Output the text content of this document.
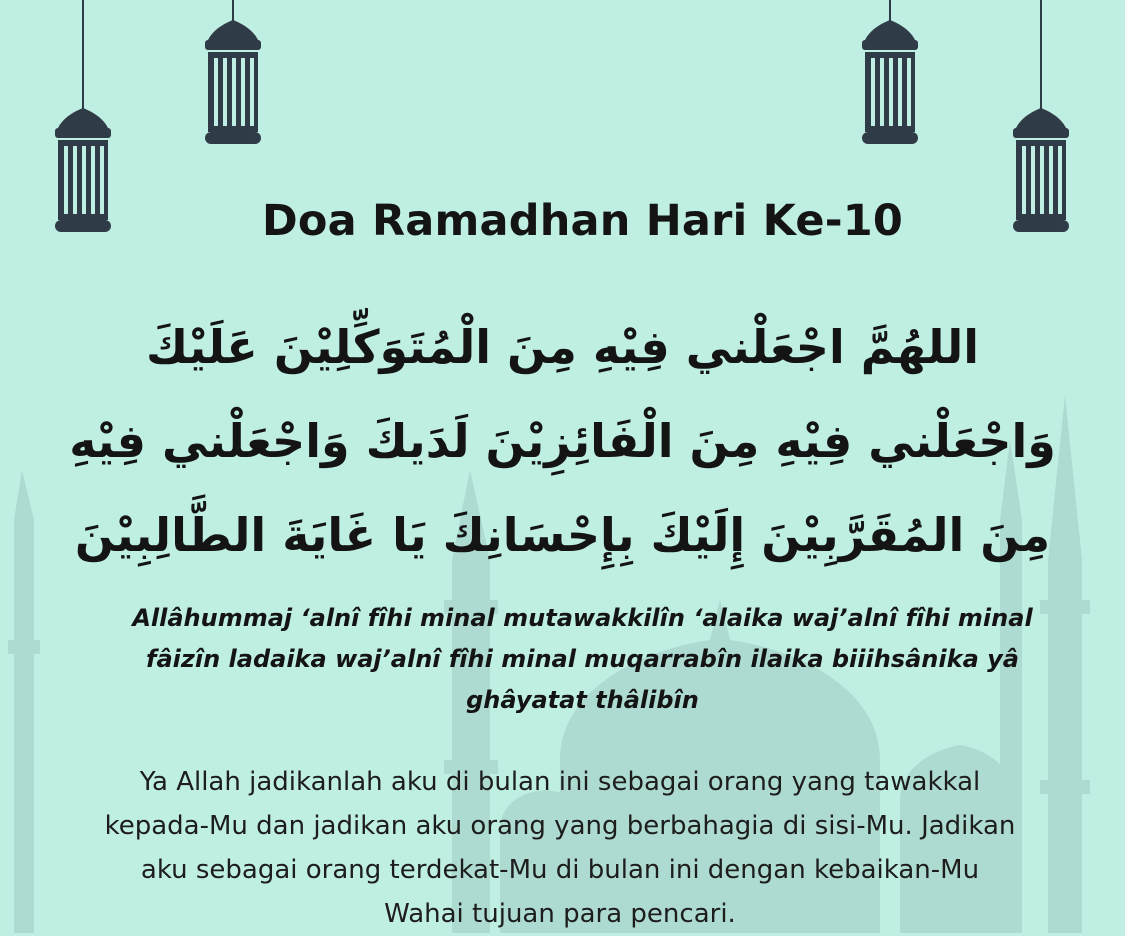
Doa Ramadhan Hari Ke-10

اللهُمَّ اجْعَلْني فِيْهِ مِنَ الْمُتَوَكِّلِيْنَ عَلَيْكَ وَاجْعَلْني فِيْهِ مِنَ الْفَائِزِيْنَ لَدَيكَ وَاجْعَلْني فِيْهِ مِنَ المُقَرَّبِيْنَ إِلَيْكَ بِإِحْسَانِكَ يَا غَايَةَ الطَّالِبِيْنَ

Allâhummaj ‘alnî fîhi minal mutawakkilîn ‘alaika waj’alnî fîhi minal fâizîn ladaika waj’alnî fîhi minal muqarrabîn ilaika biiihsânika yâ ghâyatat thâlibîn

Ya Allah jadikanlah aku di bulan ini sebagai orang yang tawakkal kepada-Mu dan jadikan aku orang yang berbahagia di sisi-Mu. Jadikan aku sebagai orang terdekat-Mu di bulan ini dengan kebaikan-Mu Wahai tujuan para pencari.
